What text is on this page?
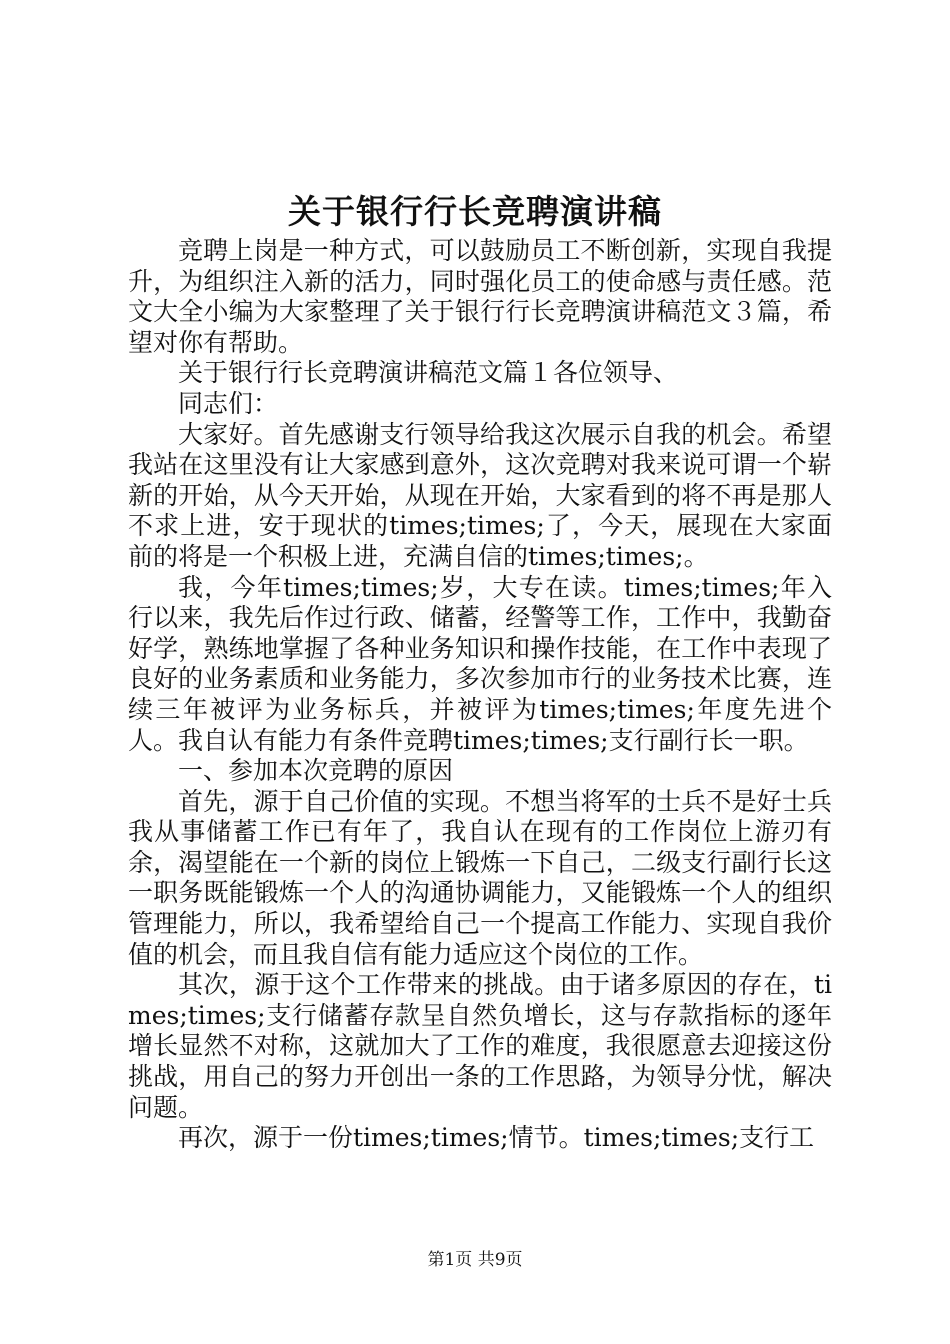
关于银行行长竞聘演讲稿

竞聘上岗是一种方式，可以鼓励员工不断创新，实现自我提升，为组织注入新的活力，同时强化员工的使命感与责任感。范文大全小编为大家整理了关于银行行长竞聘演讲稿范文３篇，希望对你有帮助。

关于银行行长竞聘演讲稿范文篇１各位领导、

同志们：

大家好。首先感谢支行领导给我这次展示自我的机会。希望我站在这里没有让大家感到意外，这次竞聘对我来说可谓一个崭新的开始，从今天开始，从现在开始，大家看到的将不再是那人不求上进，安于现状的times;times;了，今天，展现在大家面前的将是一个积极上进，充满自信的times;times;。

我，今年times;times;岁，大专在读。times;times;年入行以来，我先后作过行政、储蓄，经警等工作，工作中，我勤奋好学，熟练地掌握了各种业务知识和操作技能，在工作中表现了良好的业务素质和业务能力，多次参加市行的业务技术比赛，连续三年被评为业务标兵，并被评为times;times;年度先进个人。我自认有能力有条件竞聘times;times;支行副行长一职。

一、参加本次竞聘的原因

首先，源于自己价值的实现。不想当将军的士兵不是好士兵我从事储蓄工作已有年了，我自认在现有的工作岗位上游刃有余，渴望能在一个新的岗位上锻炼一下自己，二级支行副行长这一职务既能锻炼一个人的沟通协调能力，又能锻炼一个人的组织管理能力，所以，我希望给自己一个提高工作能力、实现自我价值的机会，而且我自信有能力适应这个岗位的工作。

其次，源于这个工作带来的挑战。由于诸多原因的存在，times;times;支行储蓄存款呈自然负增长，这与存款指标的逐年增长显然不对称，这就加大了工作的难度，我很愿意去迎接这份挑战，用自己的努力开创出一条的工作思路，为领导分忧，解决问题。

再次，源于一份times;times;情节。times;times;支行工

第1页 共9页
